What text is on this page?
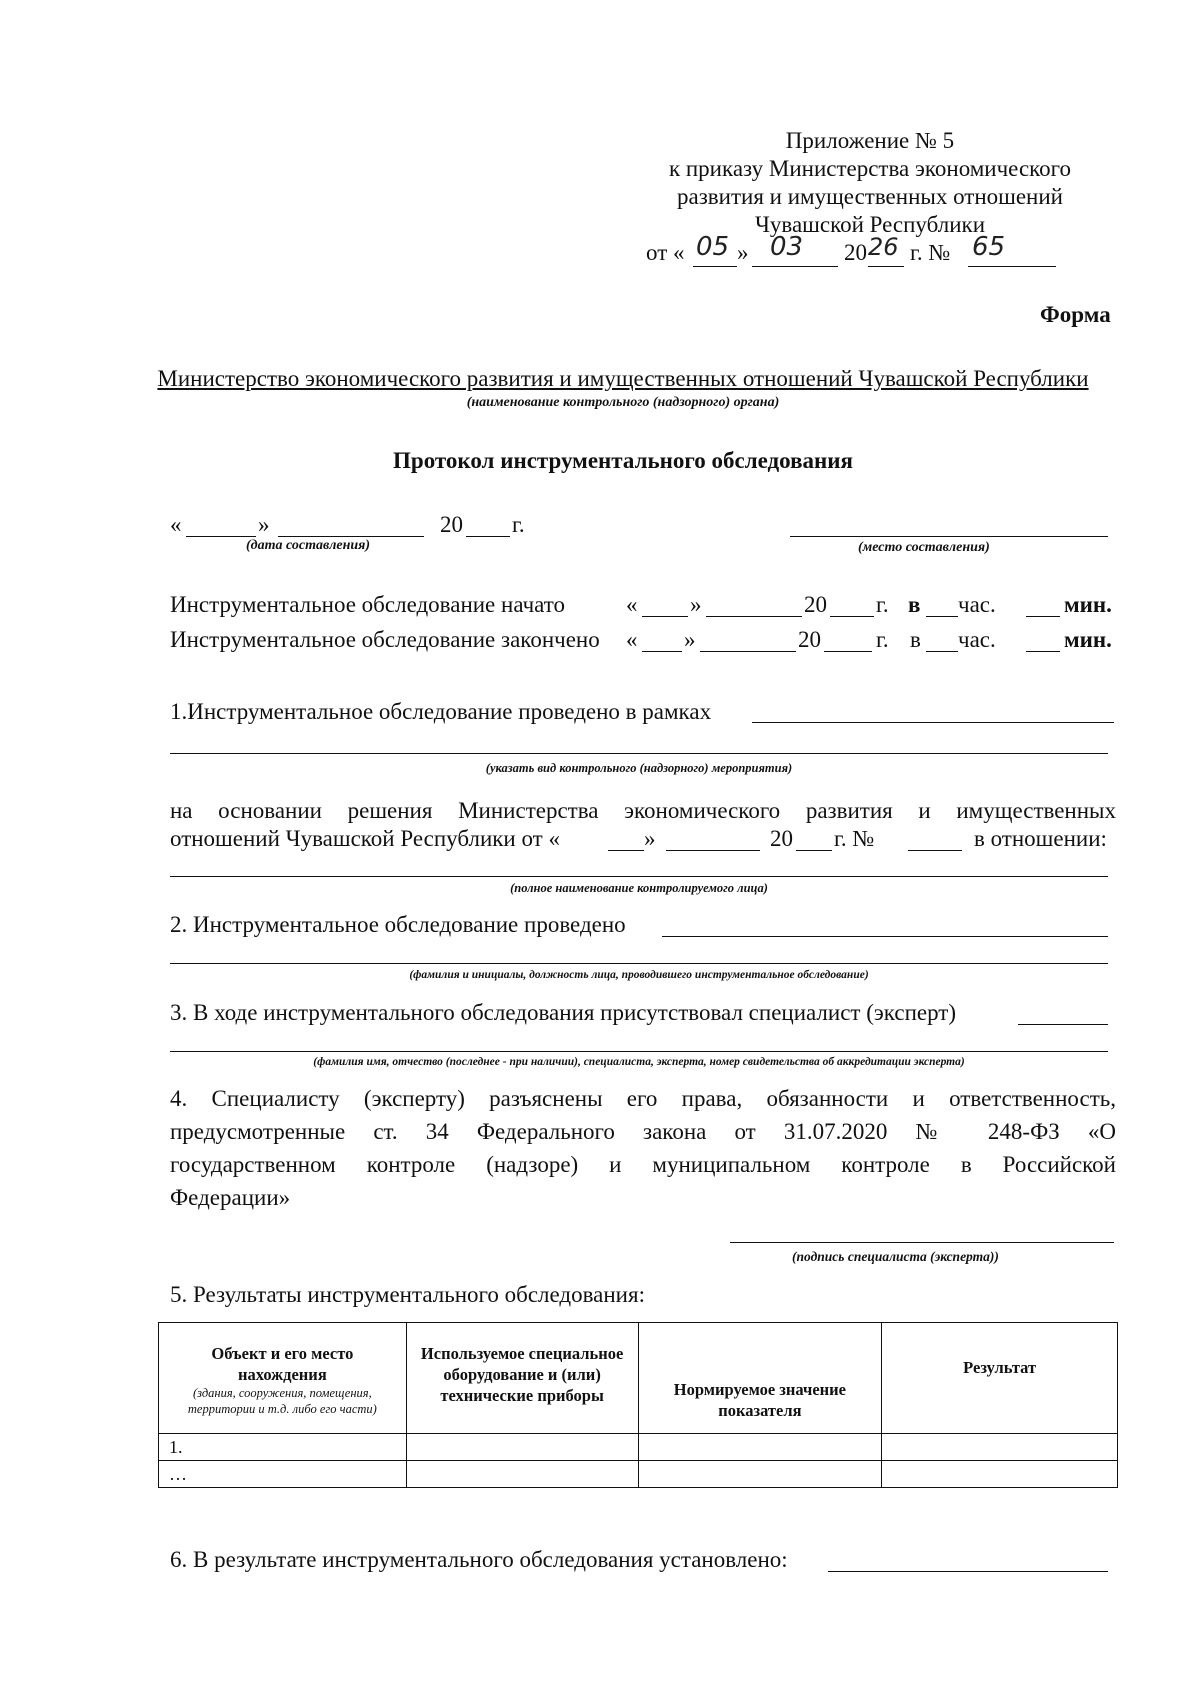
Приложение № 5
к приказу Министерства экономического
развития и имущественных отношений
Чувашской Республики
от « 05 » 03 20 26 г. № 65
Форма
Министерство экономического развития и имущественных отношений Чувашской Республики
(наименование контрольного (надзорного) органа)
Протокол инструментального обследования
«	»	20 г.
(дата составления)	(место составления)
Инструментальное обследование начато	« »	20 г. в час.	мин.
Инструментальное обследование закончено « »	20 г. в час.	мин.
1.Инструментальное обследование проведено в рамках
(указать вид контрольного (надзорного) мероприятия)
на основании решения Министерства экономического развития и имущественных
отношений Чувашской Республики от «	»	20 г. №	в отношении:
(полное наименование контролируемого лица)
2. Инструментальное обследование проведено
(фамилия и инициалы, должность лица, проводившего инструментальное обследование)
3. В ходе инструментального обследования присутствовал специалист (эксперт)
(фамилия имя, отчество (последнее - при наличии), специалиста, эксперта, номер свидетельства об аккредитации эксперта)
4. Специалисту (эксперту) разъяснены его права, обязанности и ответственность,
предусмотренные ст. 34 Федерального закона от 31.07.2020 № 248-ФЗ «О
государственном контроле (надзоре) и муниципальном контроле в Российской
Федерации»
(подпись специалиста (эксперта))
5. Результаты инструментального обследования:
Объект и его место нахождения
(здания, сооружения, помещения, территории и т.д. либо его части)	Используемое специальное оборудование и (или) технические приборы	Нормируемое значение показателя	Результат
1.			
…			
6. В результате инструментального обследования установлено:
